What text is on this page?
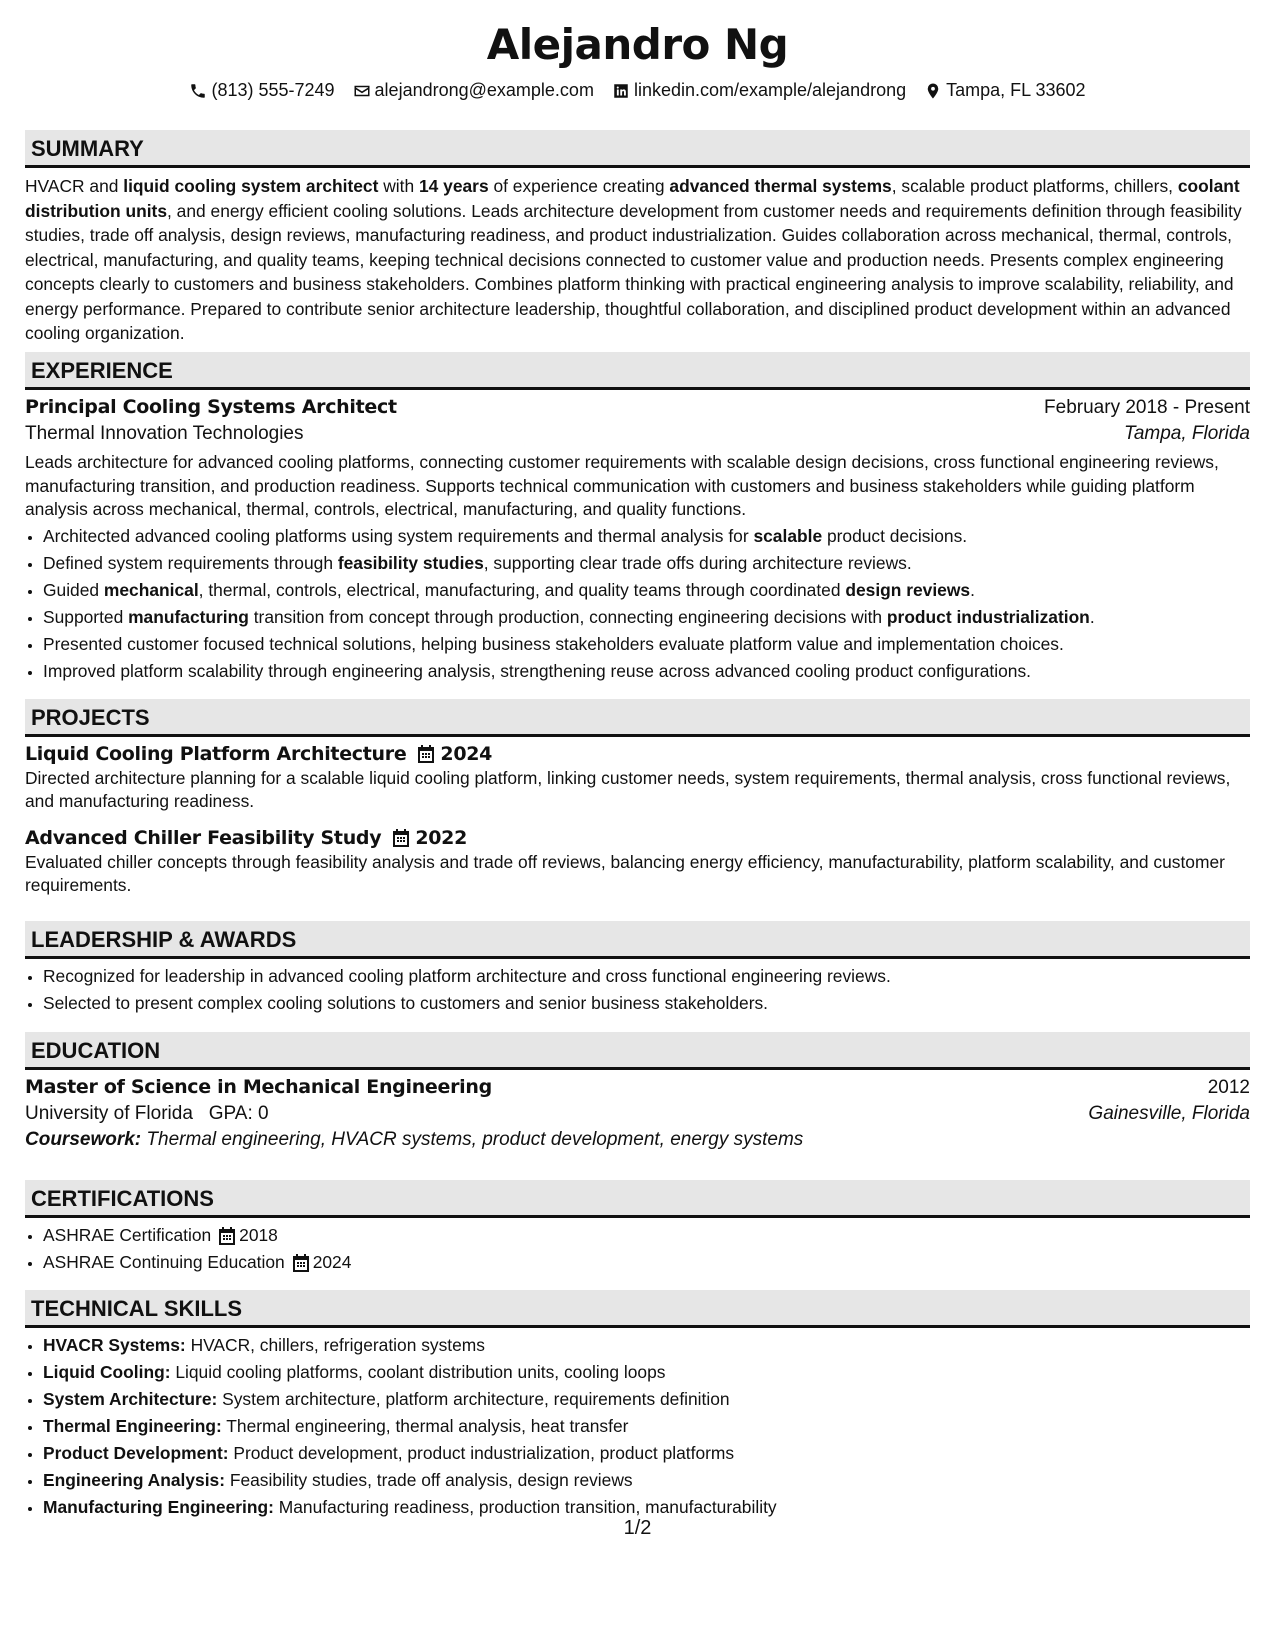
Alejandro Ng
(813) 555-7249 alejandrong@example.com linkedin.com/example/alejandrong Tampa, FL 33602
SUMMARY

HVACR and liquid cooling system architect with 14 years of experience creating advanced thermal systems, scalable product platforms, chillers, coolant distribution units, and energy efficient cooling solutions. Leads architecture development from customer needs and requirements definition through feasibility studies, trade off analysis, design reviews, manufacturing readiness, and product industrialization. Guides collaboration across mechanical, thermal, controls, electrical, manufacturing, and quality teams, keeping technical decisions connected to customer value and production needs. Presents complex engineering concepts clearly to customers and business stakeholders. Combines platform thinking with practical engineering analysis to improve scalability, reliability, and energy performance. Prepared to contribute senior architecture leadership, thoughtful collaboration, and disciplined product development within an advanced cooling organization.

EXPERIENCE
Principal Cooling Systems Architect	February 2018 - Present
Thermal Innovation Technologies	Tampa, Florida

Leads architecture for advanced cooling platforms, connecting customer requirements with scalable design decisions, cross functional engineering reviews, manufacturing transition, and production readiness. Supports technical communication with customers and business stakeholders while guiding platform analysis across mechanical, thermal, controls, electrical, manufacturing, and quality functions.

• Architected advanced cooling platforms using system requirements and thermal analysis for scalable product decisions.
• Defined system requirements through feasibility studies, supporting clear trade offs during architecture reviews.
• Guided mechanical, thermal, controls, electrical, manufacturing, and quality teams through coordinated design reviews.
• Supported manufacturing transition from concept through production, connecting engineering decisions with product industrialization.
• Presented customer focused technical solutions, helping business stakeholders evaluate platform value and implementation choices.
• Improved platform scalability through engineering analysis, strengthening reuse across advanced cooling product configurations.
PROJECTS
Liquid Cooling Platform Architecture 2024

Directed architecture planning for a scalable liquid cooling platform, linking customer needs, system requirements, thermal analysis, cross functional reviews, and manufacturing readiness.

Advanced Chiller Feasibility Study 2022

Evaluated chiller concepts through feasibility analysis and trade off reviews, balancing energy efficiency, manufacturability, platform scalability, and customer requirements.

LEADERSHIP & AWARDS
• Recognized for leadership in advanced cooling platform architecture and cross functional engineering reviews.
• Selected to present complex cooling solutions to customers and senior business stakeholders.
EDUCATION
Master of Science in Mechanical Engineering	2012
University of Florida GPA: 0	Gainesville, Florida
Coursework: Thermal engineering, HVACR systems, product development, energy systems
CERTIFICATIONS
• ASHRAE Certification 2018
• ASHRAE Continuing Education 2024
TECHNICAL SKILLS
• HVACR Systems: HVACR, chillers, refrigeration systems
• Liquid Cooling: Liquid cooling platforms, coolant distribution units, cooling loops
• System Architecture: System architecture, platform architecture, requirements definition
• Thermal Engineering: Thermal engineering, thermal analysis, heat transfer
• Product Development: Product development, product industrialization, product platforms
• Engineering Analysis: Feasibility studies, trade off analysis, design reviews
• Manufacturing Engineering: Manufacturing readiness, production transition, manufacturability
1/2
